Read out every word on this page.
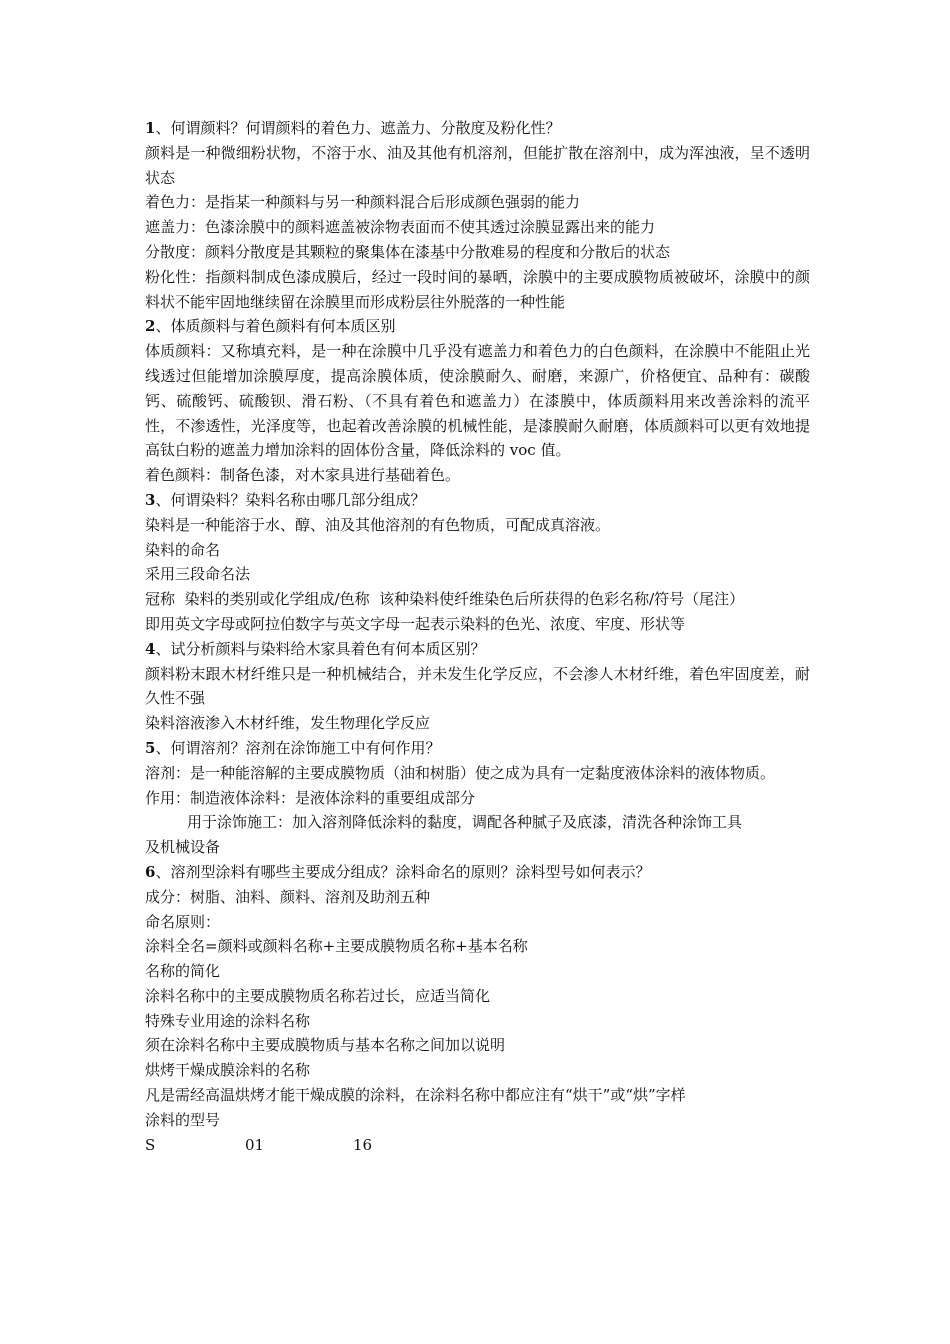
1、何谓颜料？何谓颜料的着色力、遮盖力、分散度及粉化性？
颜料是一种微细粉状物，不溶于水、油及其他有机溶剂，但能扩散在溶剂中，成为浑浊液，呈不透明状态
着色力：是指某一种颜料与另一种颜料混合后形成颜色强弱的能力
遮盖力：色漆涂膜中的颜料遮盖被涂物表面而不使其透过涂膜显露出来的能力
分散度：颜料分散度是其颗粒的聚集体在漆基中分散难易的程度和分散后的状态
粉化性：指颜料制成色漆成膜后，经过一段时间的暴晒，涂膜中的主要成膜物质被破坏，涂膜中的颜料状不能牢固地继续留在涂膜里而形成粉层往外脱落的一种性能
2、体质颜料与着色颜料有何本质区别
体质颜料：又称填充料，是一种在涂膜中几乎没有遮盖力和着色力的白色颜料，在涂膜中不能阻止光线透过但能增加涂膜厚度，提高涂膜体质，使涂膜耐久、耐磨，来源广，价格便宜、品种有：碳酸钙、硫酸钙、硫酸钡、滑石粉、（不具有着色和遮盖力）在漆膜中，体质颜料用来改善涂料的流平性，不渗透性，光泽度等，也起着改善涂膜的机械性能，是漆膜耐久耐磨，体质颜料可以更有效地提高钛白粉的遮盖力增加涂料的固体份含量，降低涂料的 voc 值。
着色颜料：制备色漆，对木家具进行基础着色。
3、何谓染料？染料名称由哪几部分组成？
染料是一种能溶于水、醇、油及其他溶剂的有色物质，可配成真溶液。
染料的命名
采用三段命名法
冠称  染料的类别或化学组成/色称  该种染料使纤维染色后所获得的色彩名称/符号（尾注）
即用英文字母或阿拉伯数字与英文字母一起表示染料的色光、浓度、牢度、形状等
4、试分析颜料与染料给木家具着色有何本质区别？
颜料粉末跟木材纤维只是一种机械结合，并未发生化学反应，不会渗人木材纤维，着色牢固度差，耐久性不强
染料溶液渗入木材纤维，发生物理化学反应
5、何谓溶剂？溶剂在涂饰施工中有何作用？
溶剂：是一种能溶解的主要成膜物质（油和树脂）使之成为具有一定黏度液体涂料的液体物质。
作用：制造液体涂料：是液体涂料的重要组成部分
用于涂饰施工：加入溶剂降低涂料的黏度，调配各种腻子及底漆，清洗各种涂饰工具
及机械设备
6、溶剂型涂料有哪些主要成分组成？涂料命名的原则？涂料型号如何表示？
成分：树脂、油料、颜料、溶剂及助剂五种
命名原则：
涂料全名=颜料或颜料名称+主要成膜物质名称+基本名称
名称的简化
涂料名称中的主要成膜物质名称若过长，应适当简化
特殊专业用途的涂料名称
须在涂料名称中主要成膜物质与基本名称之间加以说明
烘烤干燥成膜涂料的名称
凡是需经高温烘烤才能干燥成膜的涂料，在涂料名称中都应注有“烘干”或“烘”字样
涂料的型号
S	01	16
